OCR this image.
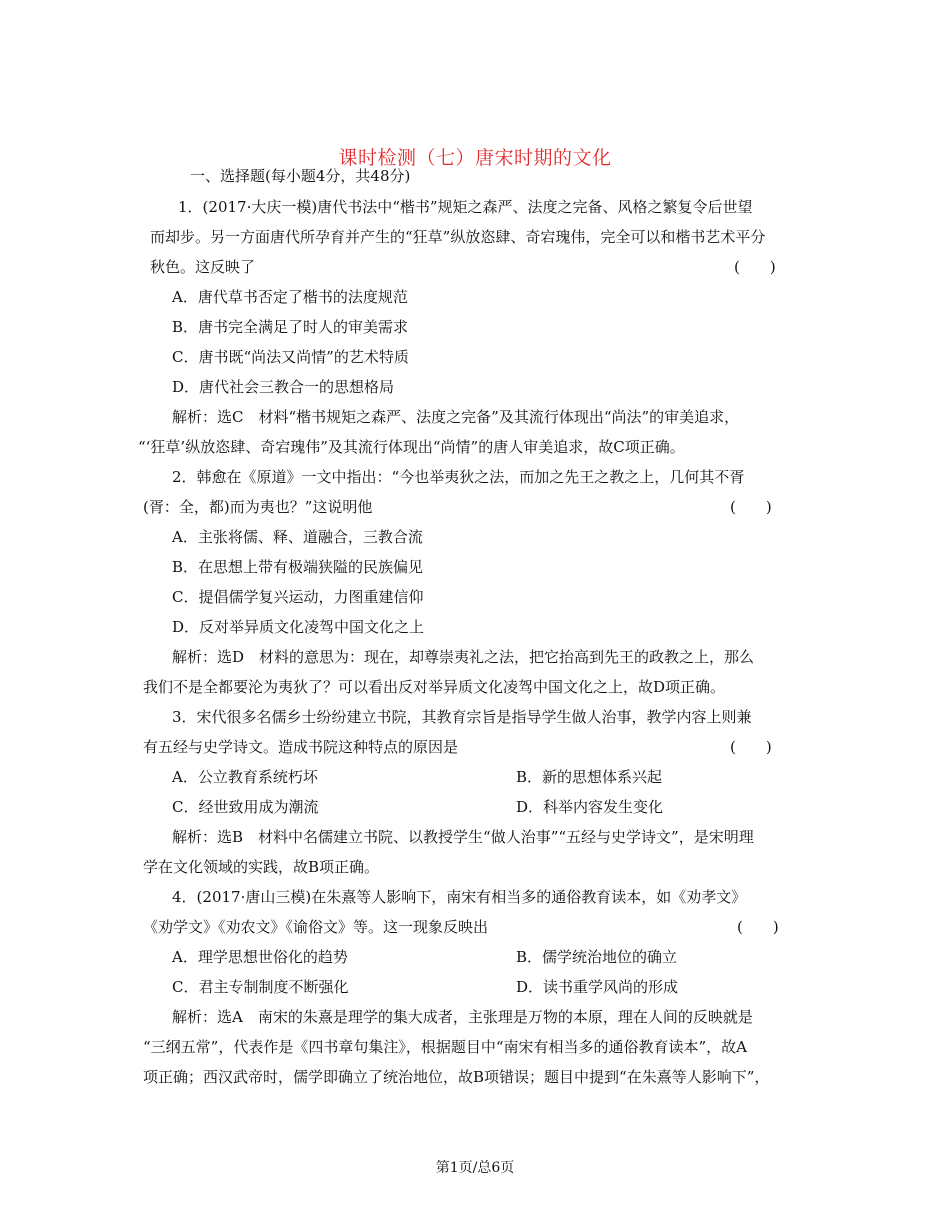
课时检测（七）唐宋时期的文化
一、选择题(每小题4分，共48分)
1．(2017·大庆一模)唐代书法中“楷书”规矩之森严、法度之完备、风格之繁复令后世望
而却步。另一方面唐代所孕育并产生的“狂草”纵放恣肆、奇宕瑰伟，完全可以和楷书艺术平分
秋色。这反映了	(　　)
A．唐代草书否定了楷书的法度规范
B．唐书完全满足了时人的审美需求
C．唐书既“尚法又尚情”的艺术特质
D．唐代社会三教合一的思想格局
解析：选C　材料“楷书规矩之森严、法度之完备”及其流行体现出“尚法”的审美追求，
“‘狂草’纵放恣肆、奇宕瑰伟”及其流行体现出“尚情”的唐人审美追求，故C项正确。
2．韩愈在《原道》一文中指出：“今也举夷狄之法，而加之先王之教之上，几何其不胥
(胥：全，都)而为夷也？”这说明他	(　　)
A．主张将儒、释、道融合，三教合流
B．在思想上带有极端狭隘的民族偏见
C．提倡儒学复兴运动，力图重建信仰
D．反对举异质文化凌驾中国文化之上
解析：选D　材料的意思为：现在，却尊崇夷礼之法，把它抬高到先王的政教之上，那么
我们不是全都要沦为夷狄了？可以看出反对举异质文化凌驾中国文化之上，故D项正确。
3．宋代很多名儒乡士纷纷建立书院，其教育宗旨是指导学生做人治事，教学内容上则兼
有五经与史学诗文。造成书院这种特点的原因是	(　　)
A．公立教育系统朽坏	B．新的思想体系兴起
C．经世致用成为潮流	D．科举内容发生变化
解析：选B　材料中名儒建立书院、以教授学生“做人治事”“五经与史学诗文”，是宋明理
学在文化领域的实践，故B项正确。
4．(2017·唐山三模)在朱熹等人影响下，南宋有相当多的通俗教育读本，如《劝孝文》
《劝学文》《劝农文》《谕俗文》等。这一现象反映出	(　　)
A．理学思想世俗化的趋势	B．儒学统治地位的确立
C．君主专制制度不断强化	D．读书重学风尚的形成
解析：选A　南宋的朱熹是理学的集大成者，主张理是万物的本原，理在人间的反映就是
“三纲五常”，代表作是《四书章句集注》，根据题目中“南宋有相当多的通俗教育读本”，故A
项正确；西汉武帝时，儒学即确立了统治地位，故B项错误；题目中提到“在朱熹等人影响下”，
第1页/总6页
